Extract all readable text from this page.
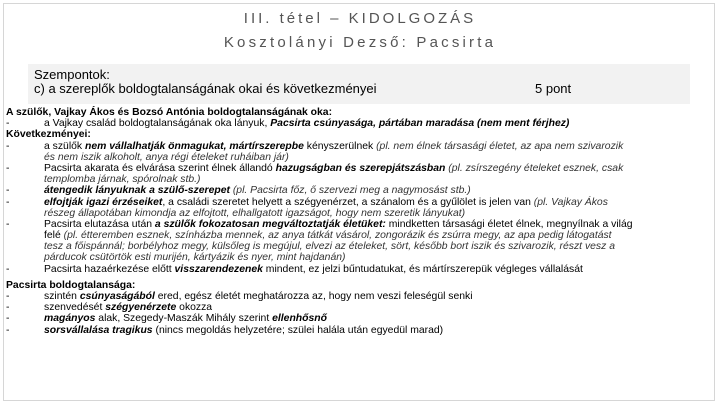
III. tétel – KIDOLGOZÁS
Kosztolányi Dezső: Pacsirta
Szempontok:
c) a szereplők boldogtalanságának okai és következményei	5 pont
A szülők, Vajkay Ákos és Bozsó Antónia boldogtalanságának oka:
-	a Vajkay család boldogtalanságának oka lányuk, Pacsirta csúnyasága, pártában maradása (nem ment férjhez)
Következményei:
-	a szülők nem vállalhatják önmagukat, mártírszerepbe kényszerülnek (pl. nem élnek társasági életet, az apa nem szivarozik
és nem iszik alkoholt, anya régi ételeket ruháiban jár)
-	Pacsirta akarata és elvárása szerint élnek állandó hazugságban és szerepjátszásban (pl. zsírszegény ételeket esznek, csak
templomba járnak, spórolnak stb.)
-	átengedik lányuknak a szülő-szerepet (pl. Pacsirta főz, ő szervezi meg a nagymosást stb.)
-	elfojtják igazi érzéseiket, a családi szeretet helyett a szégyenérzet, a szánalom és a gyűlölet is jelen van (pl. Vajkay Ákos
részeg állapotában kimondja az elfojtott, elhallgatott igazságot, hogy nem szeretik lányukat)
-	Pacsirta elutazása után a szülők fokozatosan megváltoztatják életüket: mindketten társasági életet élnek, megnyílnak a világ
felé (pl. étteremben esznek, színházba mennek, az anya tátkát vásárol, zongorázik és zsúrra megy, az apa pedig látogatást
tesz a főispánnál; borbélyhoz megy, külsőleg is megújul, elvezi az ételeket, sört, később bort iszik és szivarozik, részt vesz a
párducok csütörtök esti murijén, kártyázik és nyer, mint hajdanán)
-	Pacsirta hazaérkezése előtt visszarendezenek mindent, ez jelzi bűntudatukat, és mártírszerepük végleges vállalását
Pacsirta boldogtalansága:
-	szintén csúnyaságából ered, egész életét meghatározza az, hogy nem veszi feleségül senki
-	szenvedését szégyenérzete okozza
-	magányos alak, Szegedy-Maszák Mihály szerint ellenhősnő
-	sorsvállalása tragikus (nincs megoldás helyzetére; szülei halála után egyedül marad)
